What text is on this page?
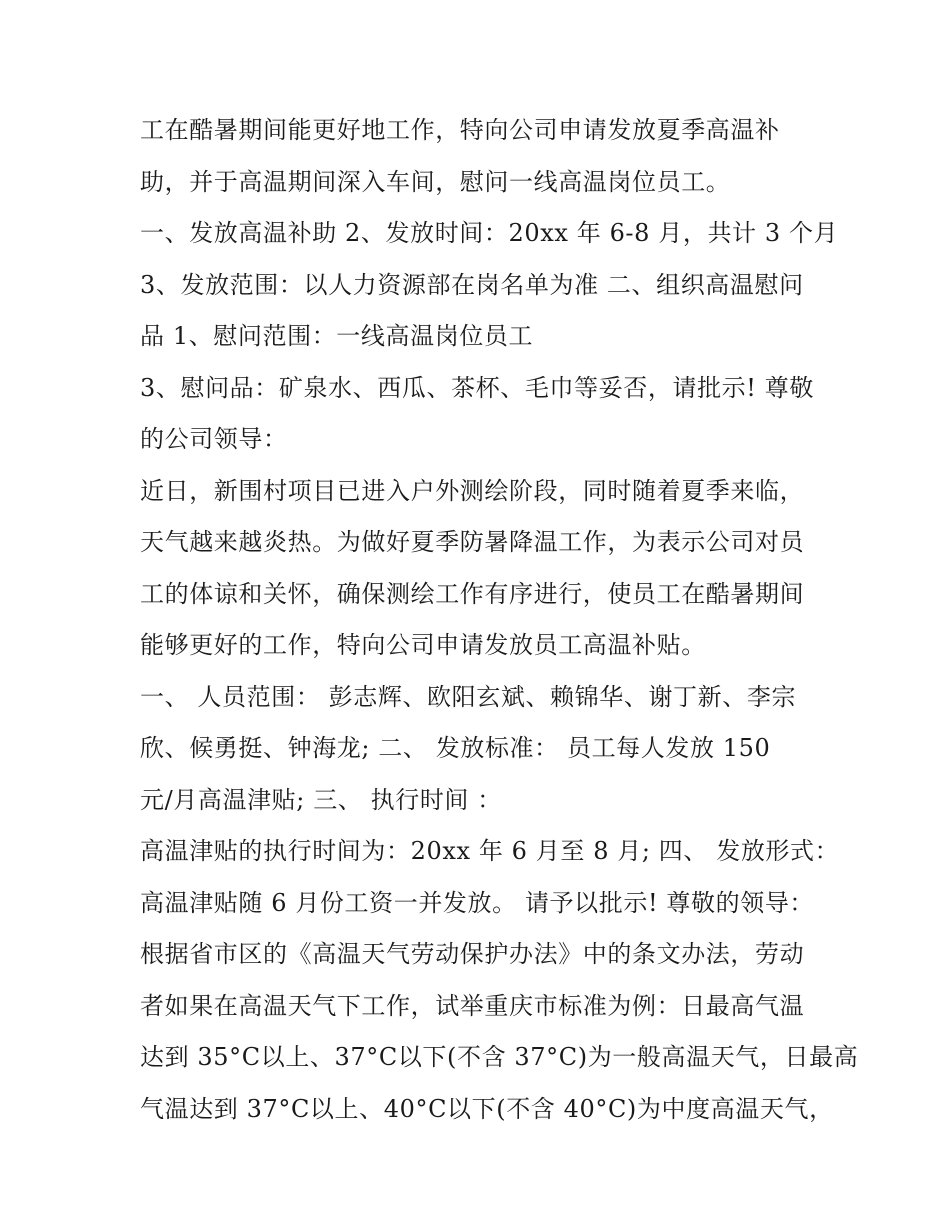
工在酷暑期间能更好地工作，特向公司申请发放夏季高温补
助，并于高温期间深入车间，慰问一线高温岗位员工。
一、发放高温补助 2、发放时间：20xx 年 6-8 月，共计 3 个月
3、发放范围：以人力资源部在岗名单为准 二、组织高温慰问
品 1、慰问范围：一线高温岗位员工
3、慰问品：矿泉水、西瓜、茶杯、毛巾等妥否，请批示! 尊敬
的公司领导：
近日，新围村项目已进入户外测绘阶段，同时随着夏季来临，
天气越来越炎热。为做好夏季防暑降温工作，为表示公司对员
工的体谅和关怀，确保测绘工作有序进行，使员工在酷暑期间
能够更好的工作，特向公司申请发放员工高温补贴。
一、 人员范围： 彭志辉、欧阳玄斌、赖锦华、谢丁新、李宗
欣、候勇挺、钟海龙; 二、 发放标准： 员工每人发放 150
元/月高温津贴; 三、 执行时间 ：
高温津贴的执行时间为：20xx 年 6 月至 8 月; 四、 发放形式：
高温津贴随 6 月份工资一并发放。 请予以批示! 尊敬的领导：
根据省市区的《高温天气劳动保护办法》中的条文办法，劳动
者如果在高温天气下工作，试举重庆市标准为例：日最高气温
达到 35°C以上、37°C以下(不含 37°C)为一般高温天气，日最高
气温达到 37°C以上、40°C以下(不含 40°C)为中度高温天气，
